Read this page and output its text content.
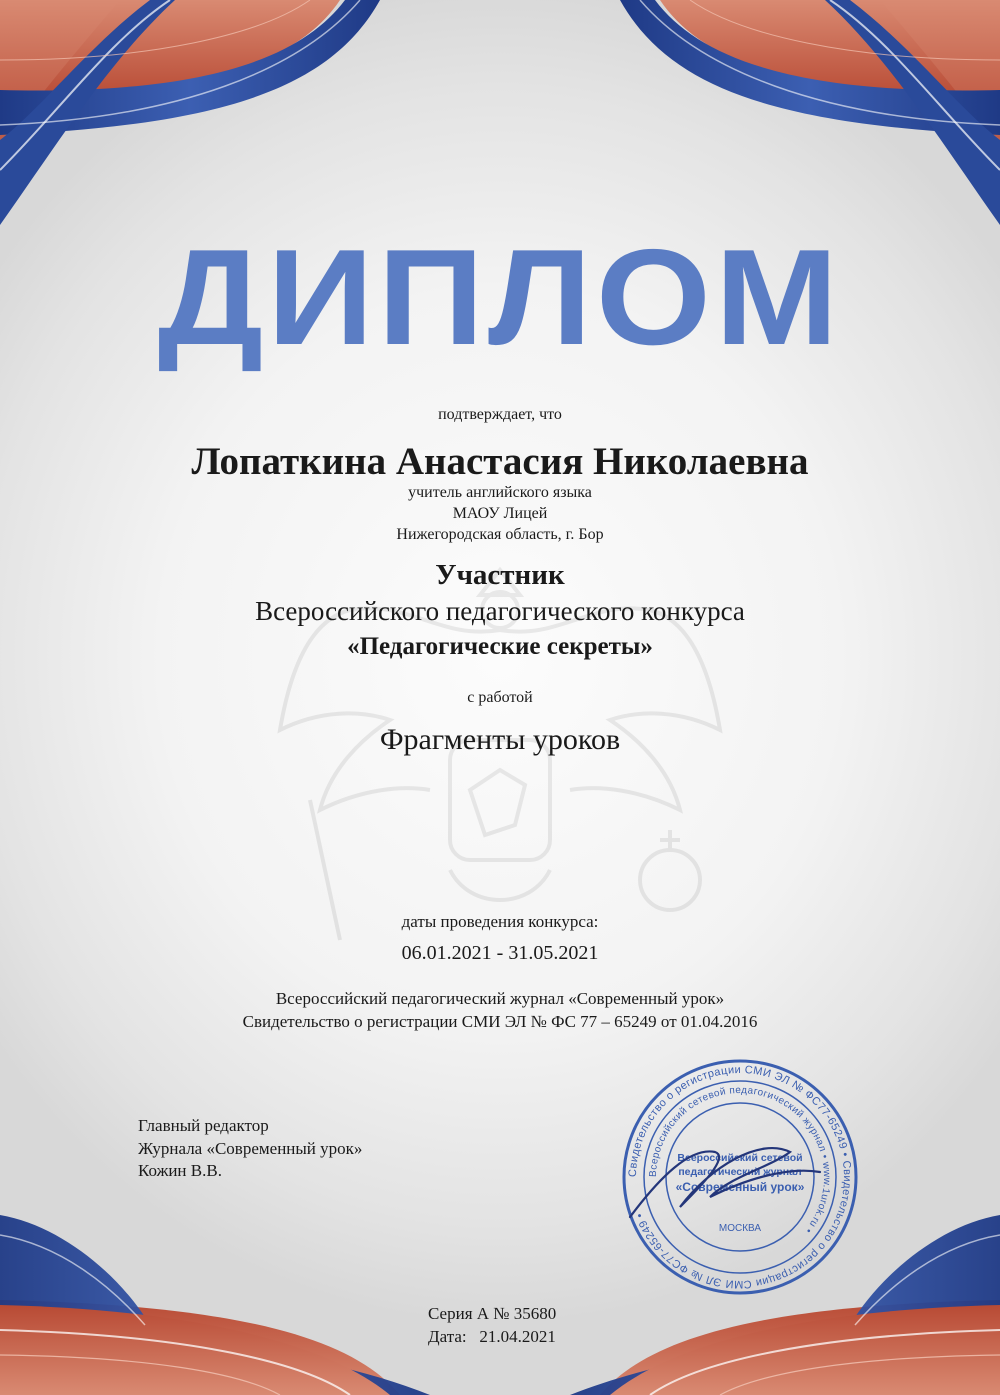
ДИПЛОМ
подтверждает, что
Лопаткина Анастасия Николаевна
учитель английского языка
МАОУ Лицей
Нижегородская область, г. Бор
Участник
Всероссийского педагогического конкурса
«Педагогические секреты»
с работой
Фрагменты уроков
даты проведения конкурса:
06.01.2021 - 31.05.2021
Всероссийский педагогический журнал «Современный урок»
Свидетельство о регистрации СМИ ЭЛ № ФС 77 – 65249 от 01.04.2016
Главный редактор
Журнала «Современный урок»
Кожин В.В.	Свидетельство о регистрации СМИ ЭЛ № ФС77-65249 • Свидетельство о регистрации СМИ ЭЛ № ФС77-65249 •
Всероссийский сетевой педагогический журнал • www.1urok.ru •
Всероссийский сетевой
педагогический журнал
«Современный урок»
МОСКВА
Серия А № 35680
Дата: 21.04.2021
